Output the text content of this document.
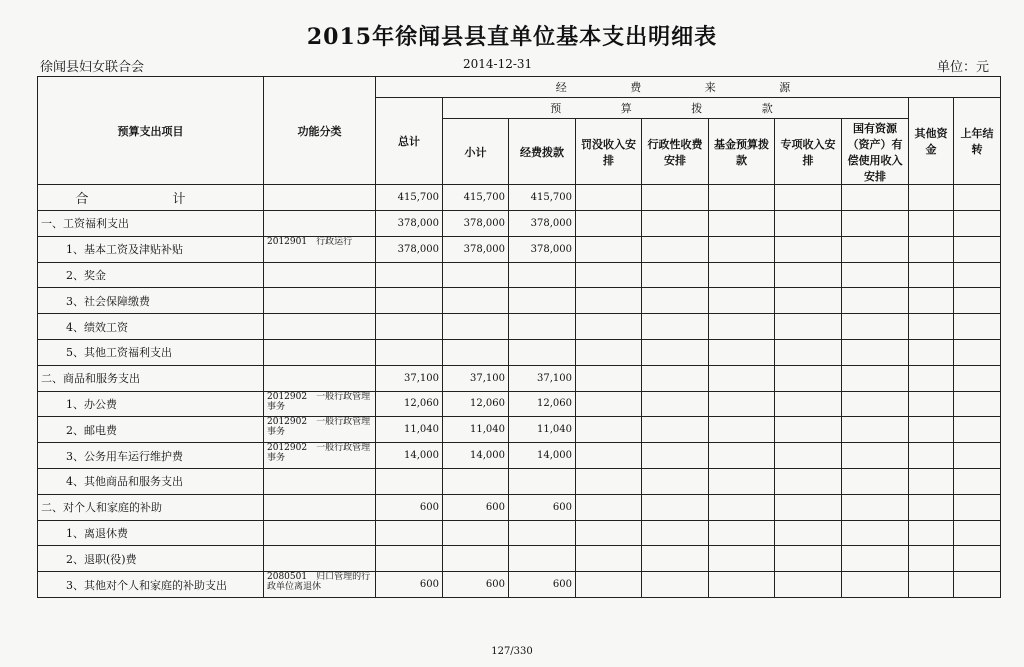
2015年徐闻县县直单位基本支出明细表
徐闻县妇女联合会	2014-12-31	单位：元
预算支出项目	功能分类	经 费 来 源									
		总计	预 算 拨 款							其他资金	上年结转
			小计	经费拨款	罚没收入安排	行政性收费安排	基金预算拨款	专项收入安排	国有资源（资产）有偿使用收入安排		
合 计		415,700	415,700	415,700							
一、工资福利支出		378,000	378,000	378,000							
1、基本工资及津贴补贴	2012901　行政运行	378,000	378,000	378,000							
2、奖金											
3、社会保障缴费											
4、绩效工资											
5、其他工资福利支出											
二、商品和服务支出		37,100	37,100	37,100							
1、办公费	2012902　一般行政管理事务	12,060	12,060	12,060							
2、邮电费	2012902　一般行政管理事务	11,040	11,040	11,040							
3、公务用车运行维护费	2012902　一般行政管理事务	14,000	14,000	14,000							
4、其他商品和服务支出											
二、对个人和家庭的补助		600	600	600							
1、离退休费											
2、退职(役)费											
3、其他对个人和家庭的补助支出	2080501　归口管理的行政单位离退休	600	600	600							
127/330
